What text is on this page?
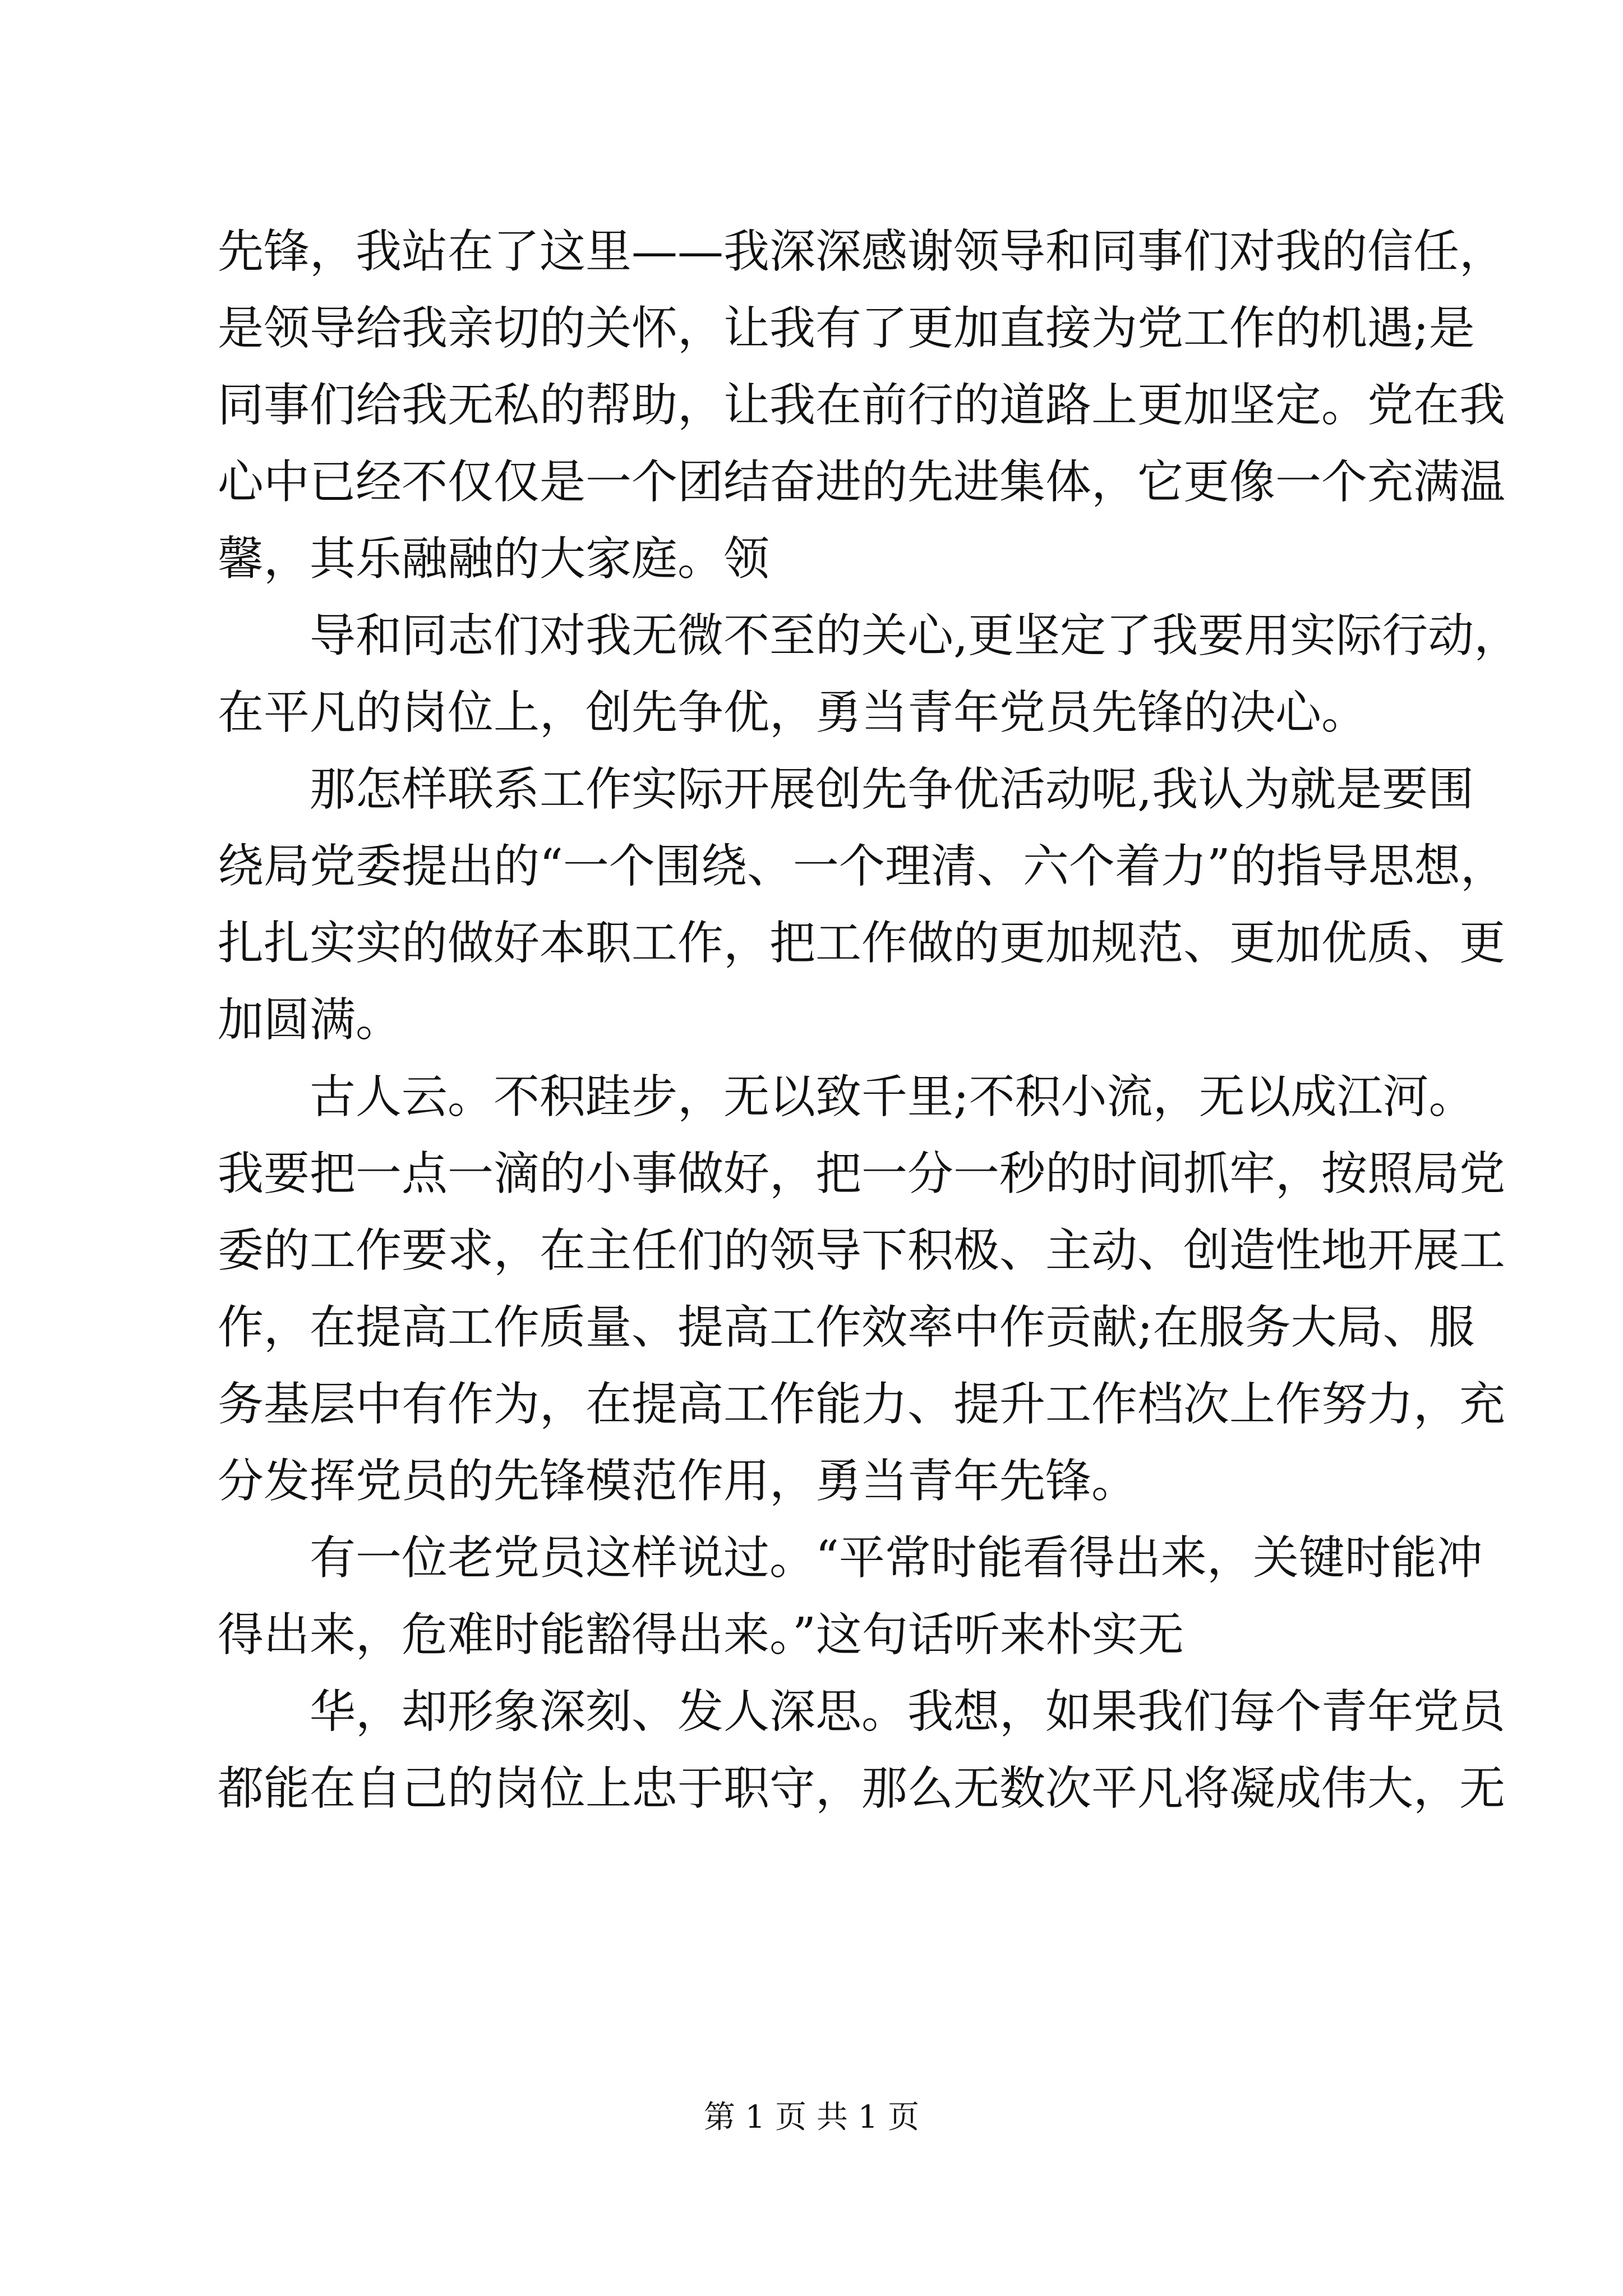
先锋，我站在了这里——我深深感谢领导和同事们对我的信任，
是领导给我亲切的关怀，让我有了更加直接为党工作的机遇;是
同事们给我无私的帮助，让我在前行的道路上更加坚定。党在我
心中已经不仅仅是一个团结奋进的先进集体，它更像一个充满温
馨，其乐融融的大家庭。领
导和同志们对我无微不至的关心,更坚定了我要用实际行动，
在平凡的岗位上，创先争优，勇当青年党员先锋的决心。
那怎样联系工作实际开展创先争优活动呢,我认为就是要围
绕局党委提出的“一个围绕、一个理清、六个着力”的指导思想，
扎扎实实的做好本职工作，把工作做的更加规范、更加优质、更
加圆满。
古人云。不积跬步，无以致千里;不积小流，无以成江河。
我要把一点一滴的小事做好，把一分一秒的时间抓牢，按照局党
委的工作要求，在主任们的领导下积极、主动、创造性地开展工
作，在提高工作质量、提高工作效率中作贡献;在服务大局、服
务基层中有作为，在提高工作能力、提升工作档次上作努力，充
分发挥党员的先锋模范作用，勇当青年先锋。
有一位老党员这样说过。“平常时能看得出来，关键时能冲
得出来，危难时能豁得出来。”这句话听来朴实无
华，却形象深刻、发人深思。我想，如果我们每个青年党员
都能在自己的岗位上忠于职守，那么无数次平凡将凝成伟大，无
第 1 页 共 1 页
